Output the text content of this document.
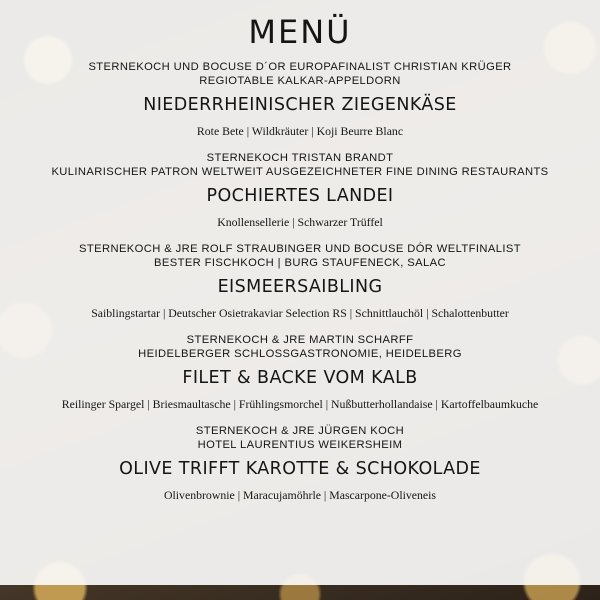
MENÜ
STERNEKOCH UND BOCUSE D´OR EUROPAFINALIST CHRISTIAN KRÜGER
REGIOTABLE KALKAR-APPELDORN
NIEDERRHEINISCHER ZIEGENKÄSE
Rote Bete | Wildkräuter | Koji Beurre Blanc
STERNEKOCH TRISTAN BRANDT
KULINARISCHER PATRON WELTWEIT AUSGEZEICHNETER FINE DINING RESTAURANTS
POCHIERTES LANDEI
Knollensellerie | Schwarzer Trüffel
STERNEKOCH & JRE ROLF STRAUBINGER UND BOCUSE DÓR WELTFINALIST
BESTER FISCHKOCH | BURG STAUFENECK, SALAC
EISMEERSAIBLING
Saiblingstartar | Deutscher Osietrakaviar Selection RS | Schnittlauchöl | Schalottenbutter
STERNEKOCH & JRE MARTIN SCHARFF
HEIDELBERGER SCHLOSSGASTRONOMIE, HEIDELBERG
FILET & BACKE VOM KALB
Reilinger Spargel | Briesmaultasche | Frühlingsmorchel | Nußbutterhollandaise | Kartoffelbaumkuche
STERNEKOCH & JRE JÜRGEN KOCH
HOTEL LAURENTIUS WEIKERSHEIM
OLIVE TRIFFT KAROTTE & SCHOKOLADE
Olivenbrownie | Maracujamöhrle | Mascarpone-Oliveneis
